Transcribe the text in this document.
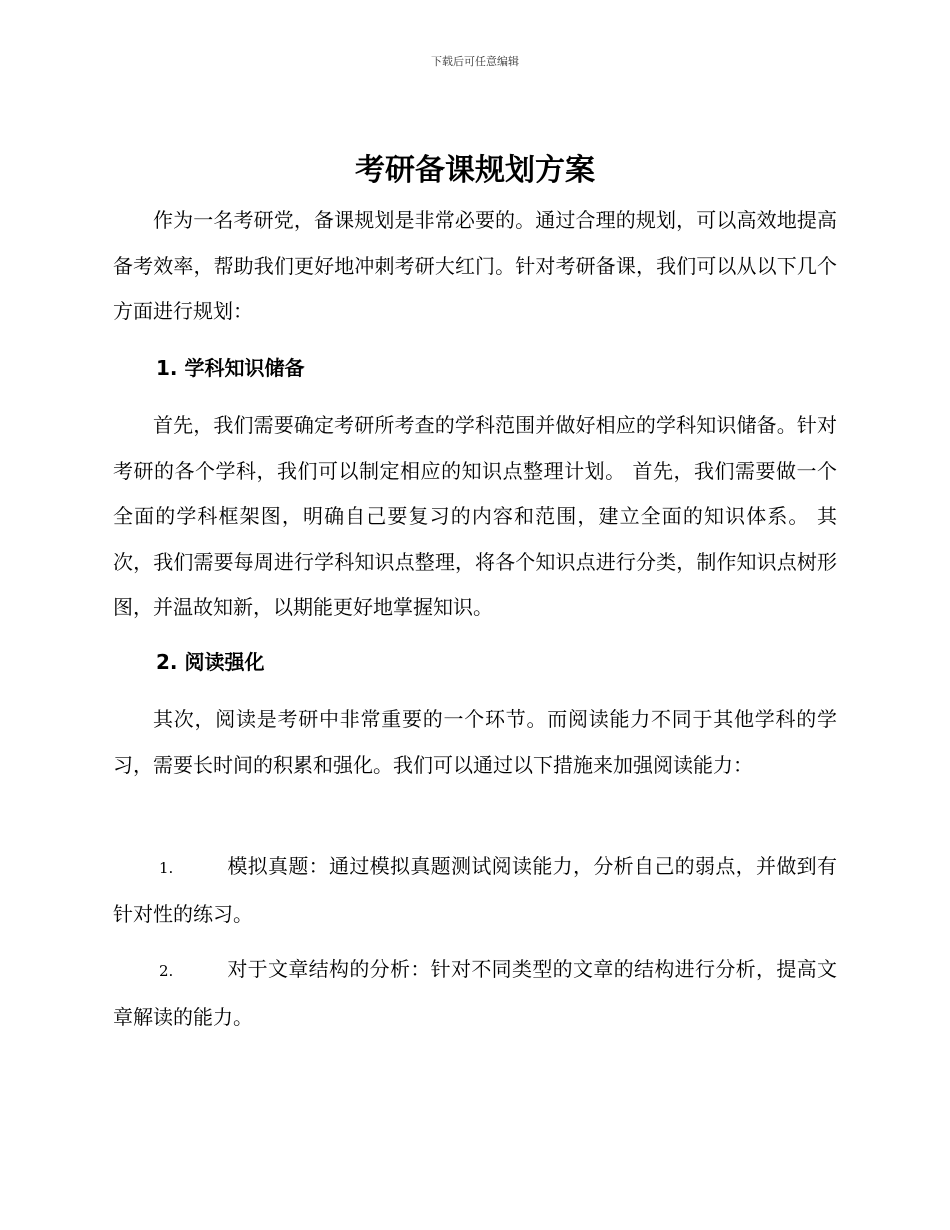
下载后可任意编辑
考研备课规划方案

作为一名考研党，备课规划是非常必要的。通过合理的规划，可以高效地提高备考效率，帮助我们更好地冲刺考研大红门。针对考研备课，我们可以从以下几个方面进行规划：

1. 学科知识储备

首先，我们需要确定考研所考查的学科范围并做好相应的学科知识储备。针对考研的各个学科，我们可以制定相应的知识点整理计划。 首先，我们需要做一个全面的学科框架图，明确自己要复习的内容和范围，建立全面的知识体系。 其次，我们需要每周进行学科知识点整理，将各个知识点进行分类，制作知识点树形图，并温故知新，以期能更好地掌握知识。

2. 阅读强化

其次，阅读是考研中非常重要的一个环节。而阅读能力不同于其他学科的学习，需要长时间的积累和强化。我们可以通过以下措施来加强阅读能力：

1.	模拟真题：通过模拟真题测试阅读能力，分析自己的弱点，并做到有针对性的练习。

2.	对于文章结构的分析：针对不同类型的文章的结构进行分析，提高文章解读的能力。
